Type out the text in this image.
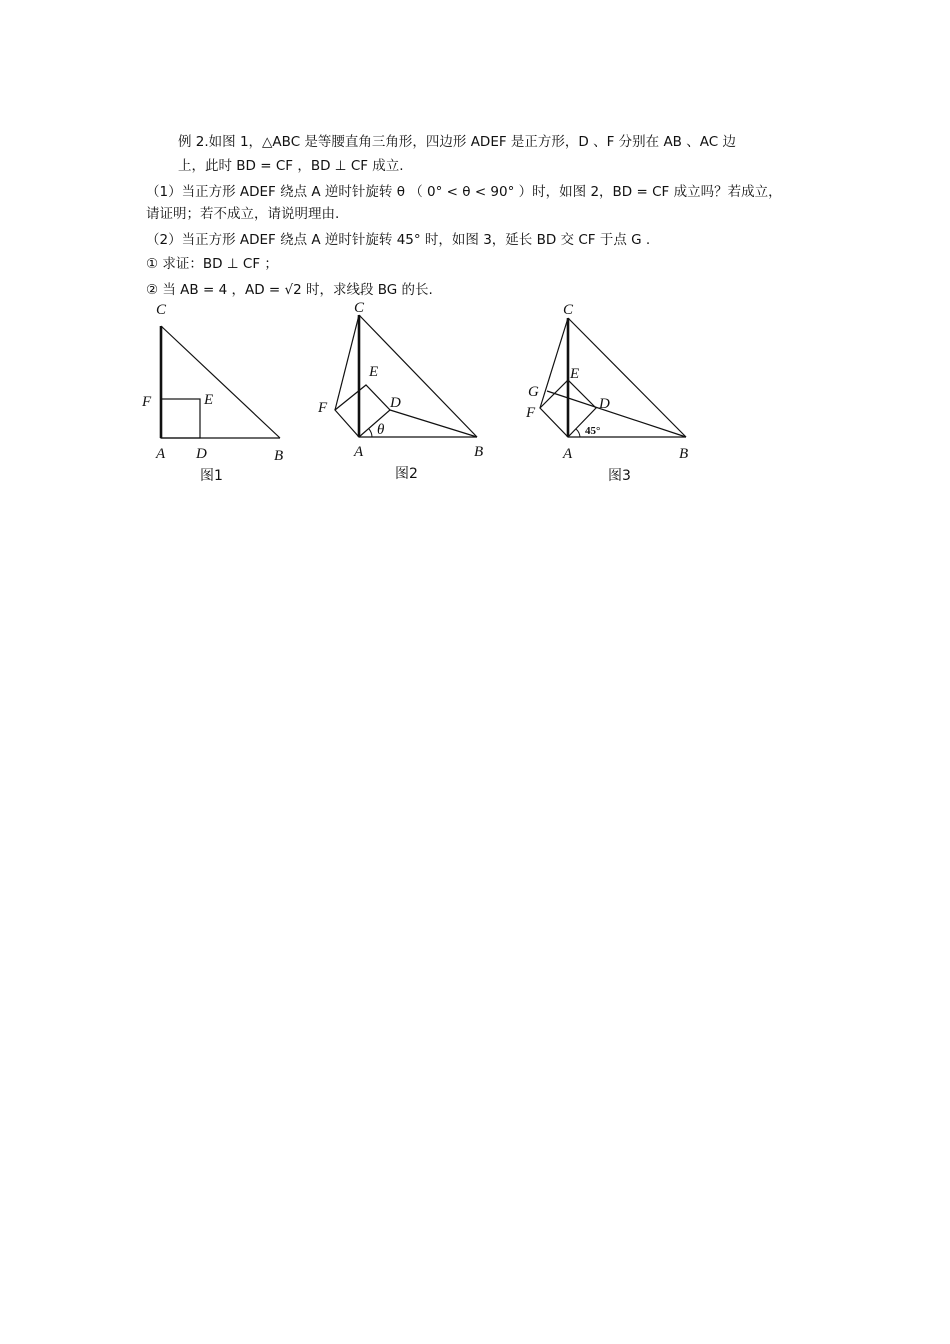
例 2.如图 1，△ABC 是等腰直角三角形，四边形 ADEF 是正方形，D 、F 分别在 AB 、AC 边
上，此时 BD = CF ，BD ⊥ CF 成立.
（1）当正方形 ADEF 绕点 A 逆时针旋转 θ （ 0° < θ < 90° ）时，如图 2，BD = CF 成立吗？若成立，
请证明；若不成立，请说明理由.
（2）当正方形 ADEF 绕点 A 逆时针旋转 45° 时，如图 3，延长 BD 交 CF 于点 G .
① 求证：BD ⊥ CF ；
② 当 AB = 4 ，AD = √2 时，求线段 BG 的长.
C
F	E
A D	B
图1
C
E
D
F
θ
A	B
图2
C
E
G
F
D
45°
A	B
图3
